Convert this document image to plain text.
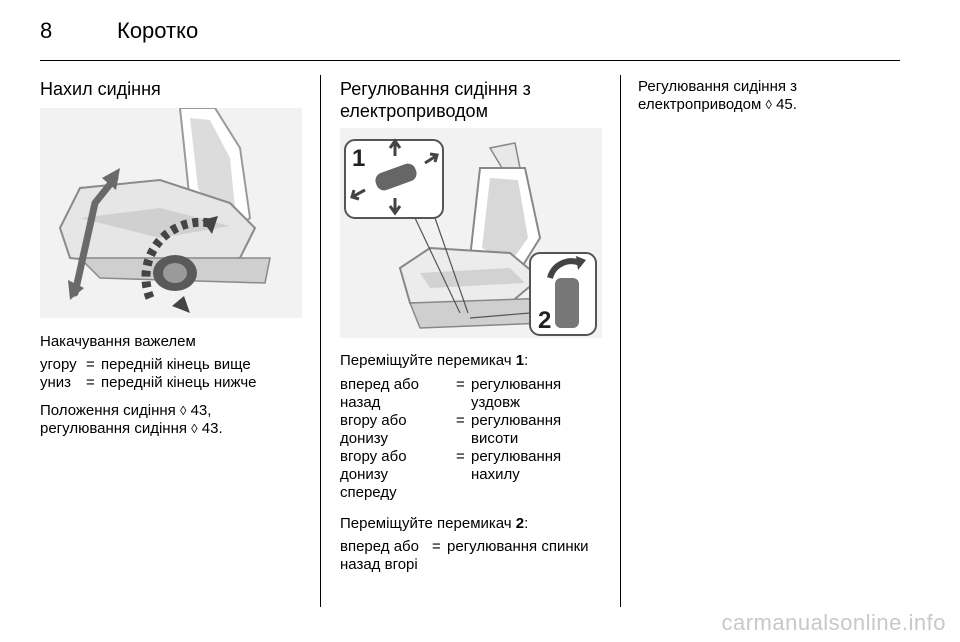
8	Коротко
Нахил сидіння
Накачування важелем
угору = передній кінець вище
униз = передній кінець нижче
Положення сидіння ◊ 43,
регулювання сидіння ◊ 43.
Регулювання сидіння з
електроприводом
1
2
Переміщуйте перемикач 1:
вперед або
назад
= регулювання
уздовж
вгору або
донизу
= регулювання
висоти
вгору або
донизу
спереду
= регулювання
нахилу
Переміщуйте перемикач 2:
вперед або
назад вгорі
= регулювання спинки
Регулювання сидіння з
електроприводом ◊ 45.
carmanualsonline.info
